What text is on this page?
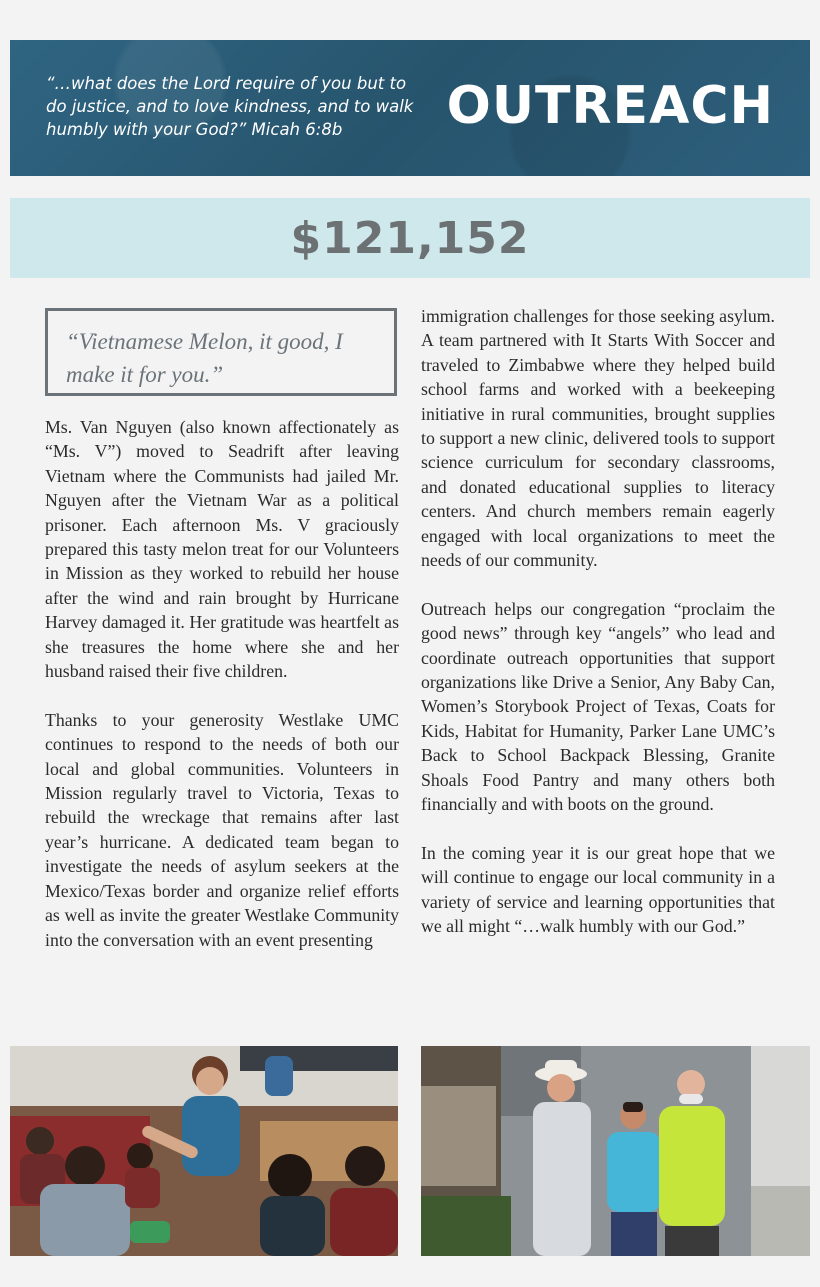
“…what does the Lord require of you but to do justice, and to love kindness, and to walk humbly with your God?” Micah 6:8b	OUTREACH
$121,152
“Vietnamese Melon, it good, I make it for you.”

Ms. Van Nguyen (also known affectionately as “Ms. V”) moved to Seadrift after leaving Vietnam where the Communists had jailed Mr. Nguyen after the Vietnam War as a political prisoner. Each afternoon Ms. V graciously prepared this tasty melon treat for our Volunteers in Mission as they worked to rebuild her house after the wind and rain brought by Hurricane Harvey damaged it. Her gratitude was heartfelt as she treasures the home where she and her husband raised their five children.

Thanks to your generosity Westlake UMC continues to respond to the needs of both our local and global communities. Volunteers in Mission regularly travel to Victoria, Texas to rebuild the wreckage that remains after last year’s hurricane. A dedicated team began to investigate the needs of asylum seekers at the Mexico/Texas border and organize relief efforts as well as invite the greater Westlake Community into the conversation with an event presenting

immigration challenges for those seeking asylum. A team partnered with It Starts With Soccer and traveled to Zimbabwe where they helped build school farms and worked with a beekeeping initiative in rural communities, brought supplies to support a new clinic, delivered tools to support science curriculum for secondary classrooms, and donated educational supplies to literacy centers. And church members remain eagerly engaged with local organizations to meet the needs of our community.

Outreach helps our congregation “proclaim the good news” through key “angels” who lead and coordinate outreach opportunities that support organizations like Drive a Senior, Any Baby Can, Women’s Storybook Project of Texas, Coats for Kids, Habitat for Humanity, Parker Lane UMC’s Back to School Backpack Blessing, Granite Shoals Food Pantry and many others both financially and with boots on the ground.

In the coming year it is our great hope that we will continue to engage our local community in a variety of service and learning opportunities that we all might “…walk humbly with our God.”
